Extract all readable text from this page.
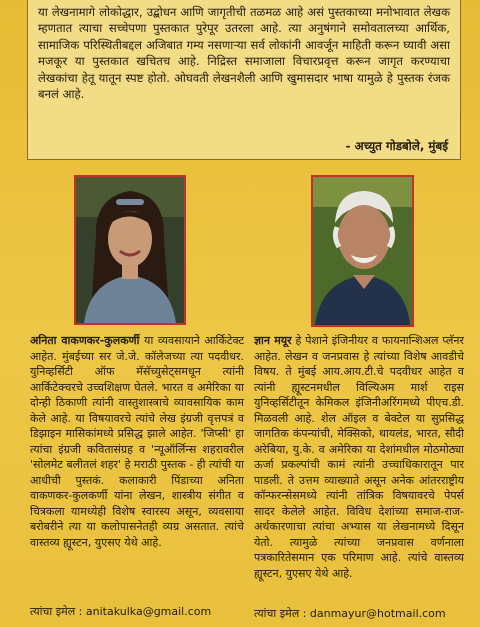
या लेखनामागे लोकोद्धार, उद्बोधन आणि जागृतीची तळमळ आहे असं पुस्तकाच्या मनोभावात लेखक म्हणतात त्याचा सच्चेपणा पुस्तकात पुरेपूर उतरला आहे. त्या अनुषंगाने समोवतालच्या आर्थिक, सामाजिक परिस्थितीबद्दल अजिबात गम्य नसणाऱ्या सर्व लोकांनी आवर्जून माहिती करून घ्यावी असा मजकूर या पुस्तकात खचितच आहे. निद्रिस्त समाजाला विचारप्रवृत्त करून जागृत करण्याचा लेखकांचा हेतू यातून स्पष्ट होतो. ओघवती लेखनशैली आणि खुमासदार भाषा यामुळे हे पुस्तक रंजक बनलं आहे.

- अच्युत गोडबोले, मुंबई

अनिता वाकणकर-कुलकर्णी या व्यवसायाने आर्किटेक्ट आहेत. मुंबईच्या सर जे.जे. कॉलेजच्या त्या पदवीधर. युनिव्हर्सिटी ऑफ मॅसॅच्युसेट्समधून त्यांनी आर्किटेक्चरचे उच्चशिक्षण घेतले. भारत व अमेरिका या दोन्ही ठिकाणी त्यांनी वास्तुशास्त्राचे व्यावसायिक काम केले आहे. या विषयावरचे त्यांचे लेख इंग्रजी वृत्तपत्रं व डिझाइन मासिकांमध्ये प्रसिद्ध झाले आहेत. 'जिप्सी' हा त्यांचा इंग्रजी कवितासंग्रह व 'न्यूऑर्लिन्स शहरावरील 'सोलमेट बलीतलं शहर' हे मराठी पुस्तक - ही त्यांची या आधीची पुस्तकं. कलाकारी पिंडाच्या अनिता वाकणकर-कुलकर्णी यांना लेखन, शास्त्रीय संगीत व चित्रकला यामध्येही विशेष स्वारस्य असून, व्यवसाया बरोबरीने त्या या कलोपासनेतही व्यग्र असतात. त्यांचे वास्तव्य ह्यूस्टन, युएसए येथे आहे.

त्यांचा इमेल : anitakulka@gmail.com

ज्ञान मयूर हे पेशाने इंजिनीयर व फायनान्शिअल प्लॅनर आहेत. लेखन व जनप्रवास हे त्यांच्या विशेष आवडीचे विषय. ते मुंबई आय.आय.टी.चे पदवीधर आहेत व त्यांनी ह्यूस्टनमधील विल्यिअम मार्श राइस युनिव्हर्सिटीतून केमिकल इंजिनीअरिंगमध्ये पीएच.डी. मिळवली आहे. शेल ऑइल व बेक्टेल या सुप्रसिद्ध जागतिक कंपन्यांची, मेक्सिको, थायलंड, भारत, सौदी अरेबिया, यु.के. व अमेरिका या देशांमधील मोठमोठ्या ऊर्जा प्रकल्पांची कामं त्यांनी उच्चाधिकारातून पार पाडली. ते उत्तम व्याख्याते असून अनेक आंतरराष्ट्रीय कॉन्फरन्सेसमध्ये त्यांनी तांत्रिक विषयावरचे पेपर्स सादर केलेले आहेत. विविध देशांच्या समाज-राज-अर्थकारणाचा त्यांचा अभ्यास या लेखनामध्ये दिसून येतो. त्यामुळे त्यांच्या जनप्रवास वर्णनाला पत्रकारितेसमान एक परिमाण आहे. त्यांचे वास्तव्य ह्यूस्टन, युएसए येथे आहे.

त्यांचा इमेल : danmayur@hotmail.com
